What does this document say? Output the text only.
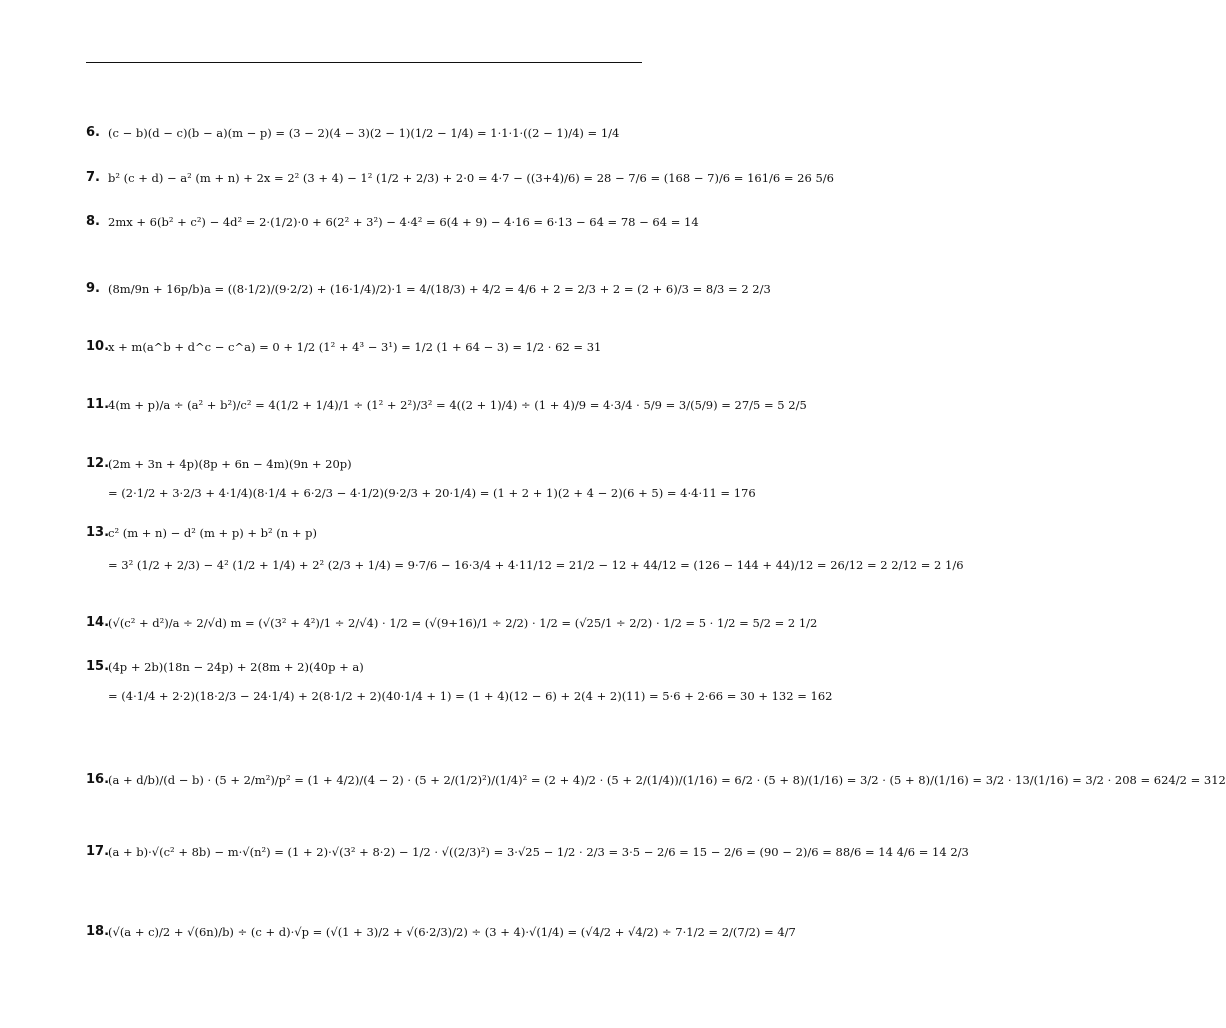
6. (c − b)(d − c)(b − a)(m − p) = (3 − 2)(4 − 3)(2 − 1)(1/2 − 1/4) = 1·1·1·((2 − 1)/4) = 1/4
7. b² (c + d) − a² (m + n) + 2x = 2² (3 + 4) − 1² (1/2 + 2/3) + 2·0 = 4·7 − ((3+4)/6) = 28 − 7/6 = (168 − 7)/6 = 161/6 = 26 5/6
8. 2mx + 6(b² + c²) − 4d² = 2·(1/2)·0 + 6(2² + 3²) − 4·4² = 6(4 + 9) − 4·16 = 6·13 − 64 = 78 − 64 = 14
9. (8m/9n + 16p/b)a = ((8·1/2)/(9·2/2) + (16·1/4)/2)·1 = 4/(18/3) + 4/2 = 4/6 + 2 = 2/3 + 2 = (2 + 6)/3 = 8/3 = 2 2/3
10.
x + m(a^b + d^c − c^a) = 0 + 1/2 (1² + 4³ − 3¹) = 1/2 (1 + 64 − 3) = 1/2 · 62 = 31
11.
4(m + p)/a ÷ (a² + b²)/c² = 4(1/2 + 1/4)/1 ÷ (1² + 2²)/3² = 4((2 + 1)/4) ÷ (1 + 4)/9 = 4·3/4 · 5/9 = 3/(5/9) = 27/5 = 5 2/5
12.
(2m + 3n + 4p)(8p + 6n − 4m)(9n + 20p)
= (2·1/2 + 3·2/3 + 4·1/4)(8·1/4 + 6·2/3 − 4·1/2)(9·2/3 + 20·1/4) = (1 + 2 + 1)(2 + 4 − 2)(6 + 5) = 4·4·11 = 176
13.
c² (m + n) − d² (m + p) + b² (n + p)
= 3² (1/2 + 2/3) − 4² (1/2 + 1/4) + 2² (2/3 + 1/4) = 9·7/6 − 16·3/4 + 4·11/12 = 21/2 − 12 + 44/12 = (126 − 144 + 44)/12 = 26/12 = 2 2/12 = 2 1/6
14.
(√(c² + d²)/a ÷ 2/√d) m = (√(3² + 4²)/1 ÷ 2/√4) · 1/2 = (√(9+16)/1 ÷ 2/2) · 1/2 = (√25/1 ÷ 2/2) · 1/2 = 5 · 1/2 = 5/2 = 2 1/2
15.
(4p + 2b)(18n − 24p) + 2(8m + 2)(40p + a)
= (4·1/4 + 2·2)(18·2/3 − 24·1/4) + 2(8·1/2 + 2)(40·1/4 + 1) = (1 + 4)(12 − 6) + 2(4 + 2)(11) = 5·6 + 2·66 = 30 + 132 = 162
16.
(a + d/b)/(d − b) · (5 + 2/m²)/p² = (1 + 4/2)/(4 − 2) · (5 + 2/(1/2)²)/(1/4)² = (2 + 4)/2 · (5 + 2/(1/4))/(1/16) = 6/2 · (5 + 8)/(1/16) = 3/2 · (5 + 8)/(1/16) = 3/2 · 13/(1/16) = 3/2 · 208 = 624/2 = 312
17.
(a + b)·√(c² + 8b) − m·√(n²) = (1 + 2)·√(3² + 8·2) − 1/2 · √((2/3)²) = 3·√25 − 1/2 · 2/3 = 3·5 − 2/6 = 15 − 2/6 = (90 − 2)/6 = 88/6 = 14 4/6 = 14 2/3
18.
(√(a + c)/2 + √(6n)/b) ÷ (c + d)·√p = (√(1 + 3)/2 + √(6·2/3)/2) ÷ (3 + 4)·√(1/4) = (√4/2 + √4/2) ÷ 7·1/2 = 2/(7/2) = 4/7
